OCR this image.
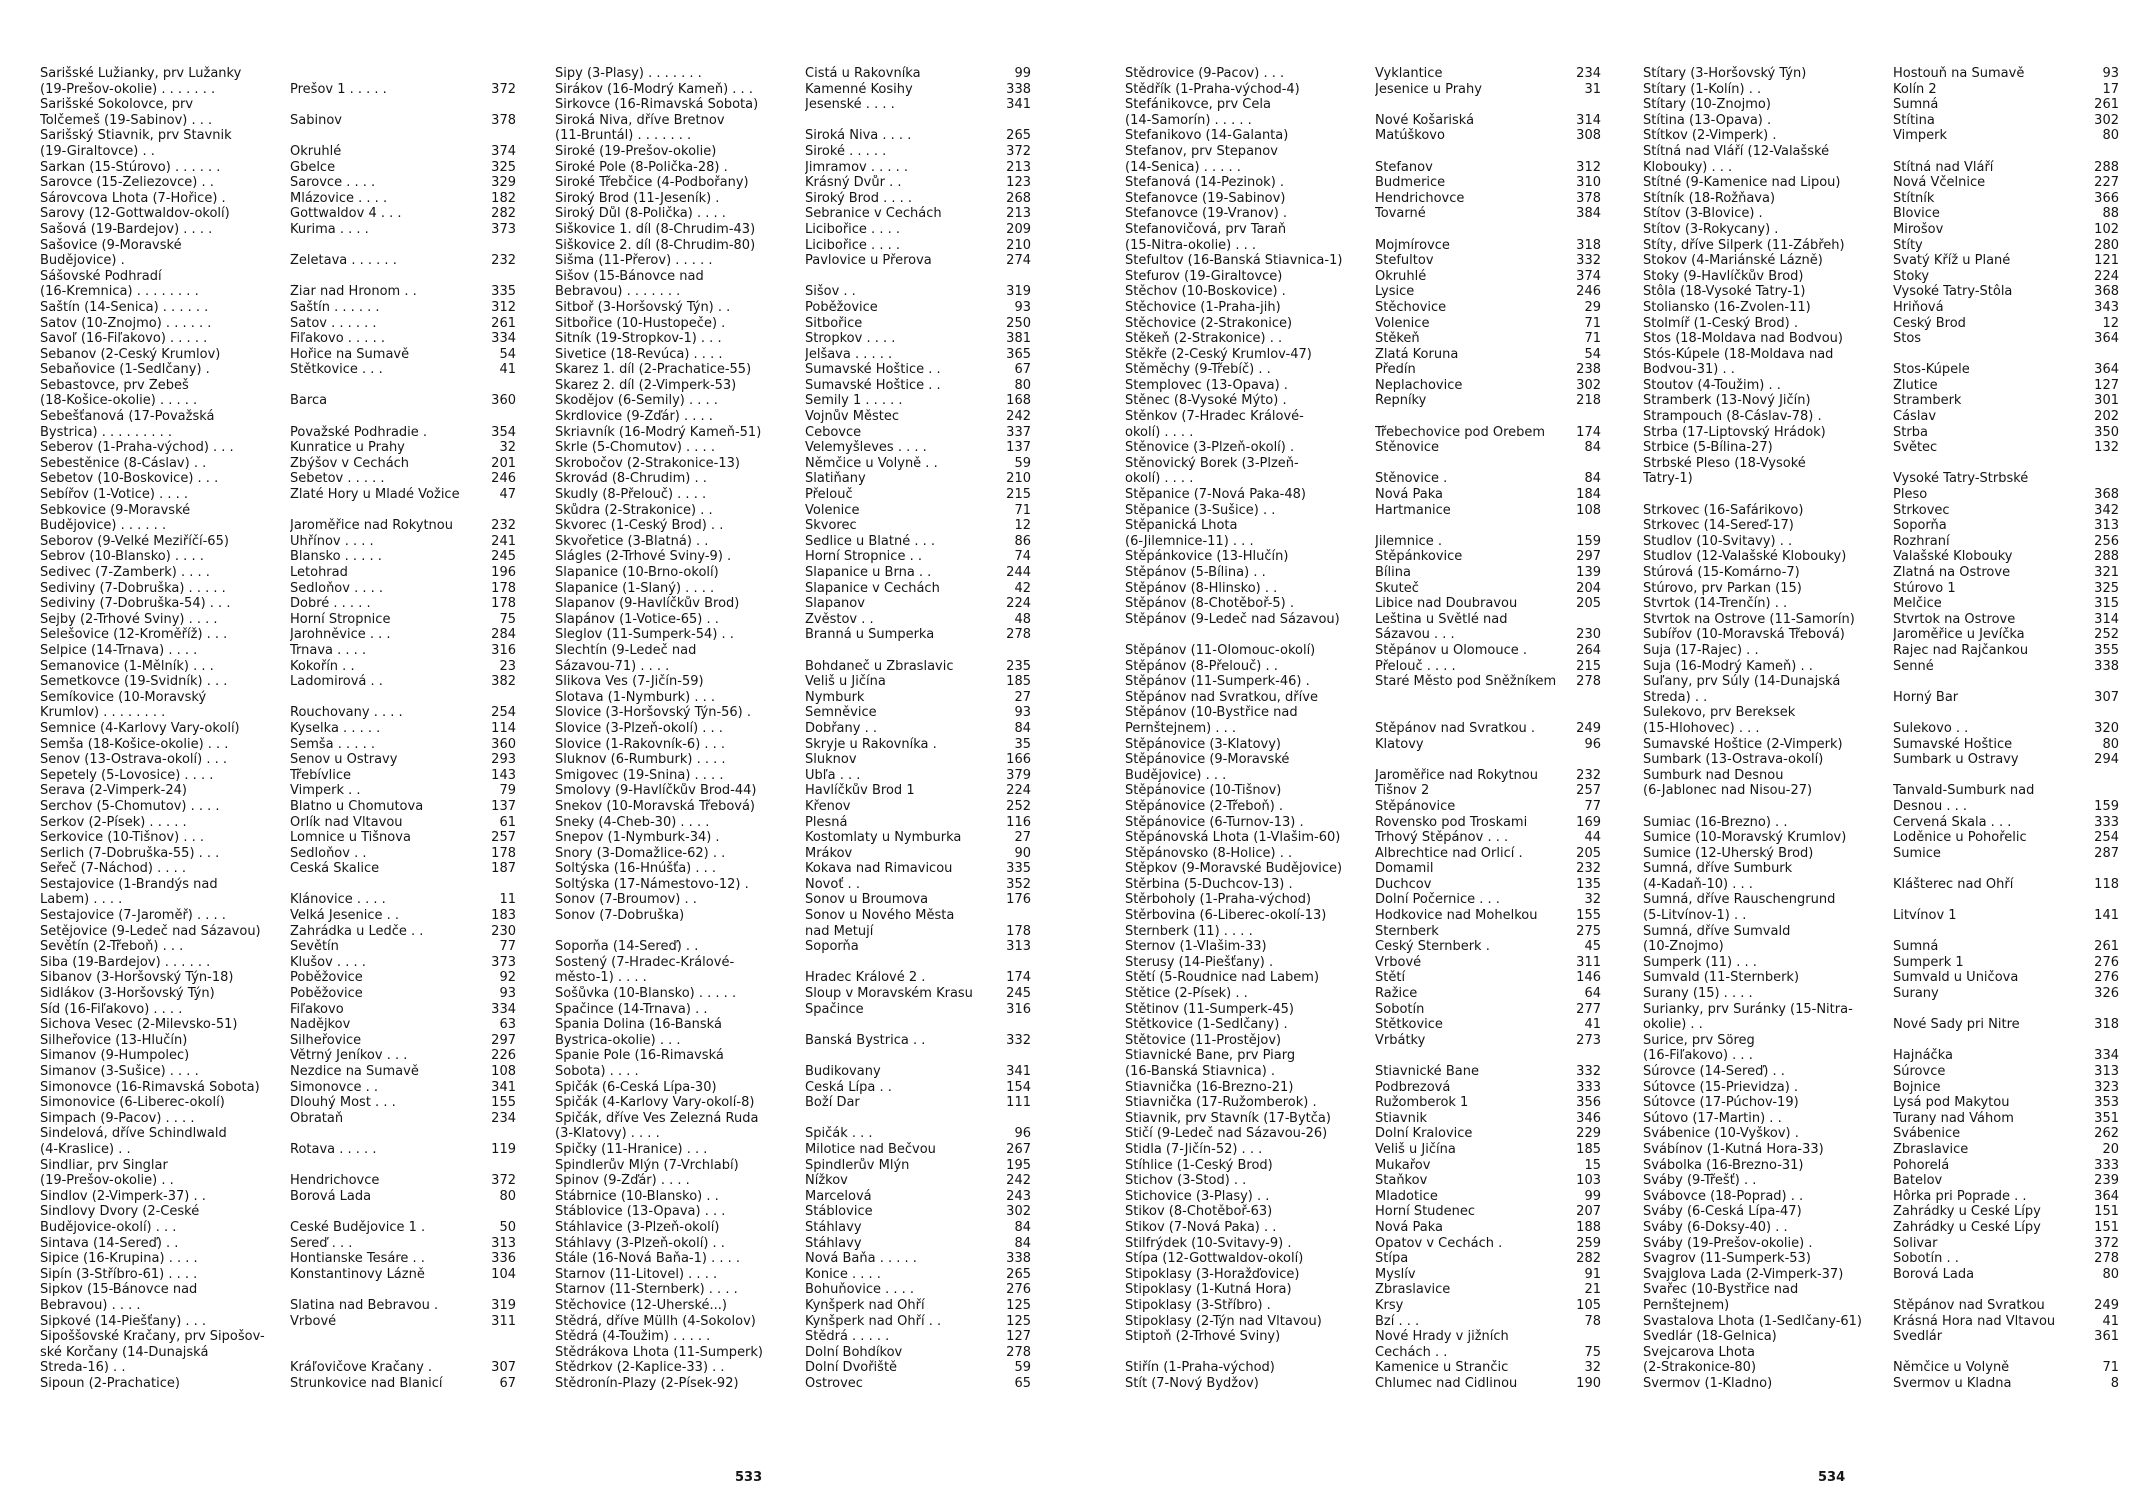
Šarišské Lužianky, prv Lužanky
(19-Prešov-okolie) . . . . . . .	Prešov 1 . . . . .	372
Šarišské Sokolovce, prv
Tolčemeš (19-Sabinov) . . .	Sabinov	378
Šarišský Štiavnik, prv Štavnik
(19-Giraltovce) . .	Okruhlé	374
Šarkan (15-Štúrovo) . . . . . .	Gbelce	325
Šarovce (15-Želiezovce) . .	Šarovce . . . .	329
Šárovcova Lhota (7-Hořice) .	Mlázovice . . . .	182
Šarovy (12-Gottwaldov-okolí)	Gottwaldov 4 . . .	282
Šašová (19-Bardejov) . . . .	Kurima . . . .	373
Šašovice (9-Moravské
Budějovice) .	Želetava . . . . . .	232
Šášovské Podhradí
(16-Kremnica) . . . . . . . .	Žiar nad Hronom . .	335
Šaštín (14-Senica) . . . . . .	Šaštín . . . . . .	312
Šatov (10-Znojmo) . . . . . .	Šatov . . . . . .	261
Šavoľ (16-Fiľakovo) . . . . .	Fiľakovo . . . . .	334
Šebanov (2-Český Krumlov)	Hořice na Šumavě	54
Šebaňovice (1-Sedlčany) .	Štětkovice . . .	41
Šebastovce, prv Žebeš
(18-Košice-okolie) . . . . .	Barca	360
Šebešťanová (17-Považská
Bystrica) . . . . . . . . .	Považské Podhradie .	354
Šeberov (1-Praha-východ) . . .	Kunratice u Prahy	32
Šebestěnice (8-Čáslav) . .	Zbýšov v Čechách	201
Šebetov (10-Boskovice) . . .	Šebetov . . . . .	246
Šebířov (1-Votice) . . . .	Zlaté Hory u Mladé Vožice	47
Šebkovice (9-Moravské
Budějovice) . . . . . .	Jaroměřice nad Rokytnou	232
Šeborov (9-Velké Meziříčí-65)	Uhřínov . . . .	241
Šebrov (10-Blansko) . . . .	Blansko . . . . .	245
Šedivec (7-Žamberk) . . . .	Letohrad	196
Šediviny (7-Dobruška) . . . . .	Sedloňov . . . .	178
Šediviny (7-Dobruška-54) . . .	Dobré . . . . .	178
Šejby (2-Trhové Sviny) . . . .	Horní Stropnice	75
Šelešovice (12-Kroměříž) . . .	Jarohněvice . . .	284
Šelpice (14-Trnava) . . . .	Trnava . . . .	316
Šemanovice (1-Mělník) . . .	Kokořín . .	23
Šemetkovce (19-Svidník) . . .	Ladomirová . .	382
Šemíkovice (10-Moravský
Krumlov) . . . . . . . .	Rouchovany . . . .	254
Šemnice (4-Karlovy Vary-okolí)	Kyselka . . . . .	114
Šemša (18-Košice-okolie) . . .	Šemša . . . . .	360
Šenov (13-Ostrava-okolí) . . .	Šenov u Ostravy	293
Šepetely (5-Lovosice) . . . .	Třebívlice	143
Šerava (2-Vimperk-24)	Vimperk . .	79
Šerchov (5-Chomutov) . . . .	Blatno u Chomutova	137
Šerkov (2-Písek) . . . . .	Orlík nad Vltavou	61
Šerkovice (10-Tišnov) . . .	Lomnice u Tišnova	257
Šerlich (7-Dobruška-55) . . .	Sedloňov . .	178
Šeřeč (7-Náchod) . . . .	Česká Skalice	187
Šestajovice (1-Brandýs nad
Labem) . . . .	Klánovice . . . .	11
Šestajovice (7-Jaroměř) . . . .	Velká Jesenice . .	183
Šetějovice (9-Ledeč nad Sázavou) Zahrádka u Ledče . .	230
Ševětín (2-Třeboň) . . .	Ševětín	77
Šiba (19-Bardejov) . . . . . .	Klušov . . . .	373
Šibanov (3-Horšovský Týn-18)	Poběžovice	92
Šidlákov (3-Horšovský Týn)	Poběžovice	93
Šíd (16-Fiľakovo) . . . .	Fiľakovo	334
Šichova Vesec (2-Milevsko-51)	Nadějkov	63
Šilheřovice (13-Hlučín)	Šilheřovice	297
Šimanov (9-Humpolec)	Větrný Jeníkov . . .	226
Šimanov (3-Sušice) . . . .	Nezdice na Šumavě	108
Šimonovce (16-Rimavská Sobota) Šimonovce . .	341
Šimonovice (6-Liberec-okolí)	Dlouhý Most . . .	155
Šimpach (9-Pacov) . . . .	Obrataň	234
Šindelová, dříve Schindlwald
(4-Kraslice) . .	Rotava . . . . .	119
Šindliar, prv Šinglar
(19-Prešov-okolie) . .	Hendrichovce	372
Šindlov (2-Vimperk-37) . .	Borová Lada	80
Šindlovy Dvory (2-České
Budějovice-okolí) . . .	České Budějovice 1 .	50
Šintava (14-Sereď) . .	Sereď . . .	313
Šipice (16-Krupina) . . . .	Hontianske Tesáre . .	336
Šipín (3-Stříbro-61) . . . .	Konstantinovy Lázně	104
Šipkov (15-Bánovce nad
Bebravou) . . . .	Slatina nad Bebravou .	319
Šipkové (14-Piešťany) . . .	Vrbové	311
Šipoššovské Kračany, prv Šipošov-
ské Korčany (14-Dunajská
Streda-16) . .	Kráľovičove Kračany .	307
Šipoun (2-Prachatice)	Strunkovice nad Blanicí	67
Šipy (3-Plasy) . . . . . . .	Čistá u Rakovníka	99
Širákov (16-Modrý Kameň) . . .	Kamenné Kosihy	338
Širkovce (16-Rimavská Sobota)	Jesenské . . . .	341
Široká Niva, dříve Bretnov
(11-Bruntál) . . . . . . .	Široká Niva . . . .	265
Široké (19-Prešov-okolie)	Široké . . . . .	372
Široké Pole (8-Polička-28) .	Jimramov . . . . .	213
Široké Třebčice (4-Podbořany)	Krásný Dvůr . .	123
Široký Brod (11-Jeseník) .	Široký Brod . . . .	268
Široký Důl (8-Polička) . . . .	Sebranice v Čechách	213
Šiškovice 1. díl (8-Chrudim-43)	Licibořice . . . .	209
Šiškovice 2. díl (8-Chrudim-80)	Licibořice . . . .	210
Šišma (11-Přerov) . . . . .	Pavlovice u Přerova	274
Šišov (15-Bánovce nad
Bebravou) . . . . . . .	Šišov . .	319
Šitboř (3-Horšovský Týn) . .	Poběžovice	93
Šitbořice (10-Hustopeče) .	Šitbořice	250
Šitník (19-Stropkov-1) . . .	Stropkov . . . .	381
Šivetice (18-Revúca) . . . .	Jelšava . . . . .	365
Škarez 1. díl (2-Prachatice-55)	Šumavské Hoštice . .	67
Škarez 2. díl (2-Vimperk-53)	Šumavské Hoštice . .	80
Škodějov (6-Semily) . . . .	Semily 1 . . . . .	168
Škrdlovice (9-Žďár) . . . .	Vojnův Městec	242
Škriavník (16-Modrý Kameň-51)	Čebovce	337
Škrle (5-Chomutov) . . . .	Velemyšleves . . . .	137
Škrobočov (2-Strakonice-13)	Němčice u Volyně . .	59
Škrovád (8-Chrudim) . .	Slatiňany	210
Škudly (8-Přelouč) . . . .	Přelouč	215
Škůdra (2-Strakonice) . .	Volenice	71
Škvorec (1-Český Brod) . .	Škvorec	12
Škvořetice (3-Blatná) . .	Sedlice u Blatné . . .	86
Šlágles (2-Trhové Sviny-9) .	Horní Stropnice . .	74
Šlapanice (10-Brno-okolí)	Šlapanice u Brna . .	244
Šlapanice (1-Slaný) . . . .	Šlapanice v Čechách	42
Šlapanov (9-Havlíčkův Brod)	Šlapanov	224
Šlapánov (1-Votice-65) . .	Zvěstov . .	48
Šleglov (11-Šumperk-54) . .	Branná u Šumperka	278
Šlechtín (9-Ledeč nad
Sázavou-71) . . . .	Bohdaneč u Zbraslavic	235
Šlikova Ves (7-Jičín-59)	Veliš u Jičína	185
Šlotava (1-Nymburk) . . .	Nymburk	27
Šlovice (3-Horšovský Týn-56) .	Semněvice	93
Šlovice (3-Plzeň-okolí) . . .	Dobřany . .	84
Šlovice (1-Rakovník-6) . . .	Skryje u Rakovníka .	35
Šluknov (6-Rumburk) . . . .	Šluknov	166
Šmigovec (19-Snina) . . . .	Ubľa . . .	379
Šmolovy (9-Havlíčkův Brod-44)	Havlíčkův Brod 1	224
Šnekov (10-Moravská Třebová)	Křenov	252
Šneky (4-Cheb-30) . . . .	Plesná	116
Šnepov (1-Nymburk-34) .	Kostomlaty u Nymburka	27
Šnory (3-Domažlice-62) . .	Mrákov	90
Šoltýska (16-Hnúšťa) . . .	Kokava nad Rimavicou	335
Šoltýska (17-Námestovo-12) .	Novoť . .	352
Šonov (7-Broumov) . .	Šonov u Broumova	176
Šonov (7-Dobruška)	Šonov u Nového Města
nad Metují	178
Šoporňa (14-Sereď) . .	Šoporňa	313
Šostený (7-Hradec-Králové-
město-1) . . . .	Hradec Králové 2 .	174
Šošůvka (10-Blansko) . . . . .	Sloup v Moravském Krasu	245
Špačince (14-Trnava) . .	Špačince	316
Španiа Dolina (16-Banská
Bystrica-okolie) . . .	Banská Bystrica . .	332
Španie Pole (16-Rimavská
Sobota) . . . .	Budikovany	341
Špičák (6-Česká Lípa-30)	Česká Lípa . .	154
Špičák (4-Karlovy Vary-okolí-8)	Boží Dar	111
Špičák, dříve Ves Železná Ruda
(3-Klatovy) . . . .	Špičák . . .	96
Špičky (11-Hranice) . . .	Milotice nad Bečvou	267
Špindlerův Mlýn (7-Vrchlabí)	Špindlerův Mlýn	195
Špinov (9-Žďár) . . . .	Nížkov	242
Štábrnice (10-Blansko) . .	Marcelová	243
Štáblovice (13-Opava) . . .	Štáblovice	302
Štáhlavice (3-Plzeň-okolí)	Štáhlavy	84
Štáhlavy (3-Plzeň-okolí) . .	Štáhlavy	84
Štále (16-Nová Baňa-1) . . . .	Nová Baňa . . . . .	338
Štarnov (11-Litovel) . . . .	Konice . . . .	265
Štarnov (11-Šternberk) . . . .	Bohuňovice . . . .	276
Štěchovice (12-Uherské...)	Kynšperk nad Ohří	125
Štědrá, dříve Müllh (4-Sokolov)	Kynšperk nad Ohří . .	125
Štědrá (4-Toužim) . . . . .	Štědrá . . . . .	127
Štědrákova Lhota (11-Šumperk)	Dolní Bohdíkov	278
Štědrkov (2-Kaplice-33) . .	Dolní Dvořiště	59
Štědronín-Plazy (2-Písek-92)	Ostrovec	65
533
Štědrovice (9-Pacov) . . .	Vyklantice	234
Štědřík (1-Praha-východ-4)	Jesenice u Prahy	31
Štefánikovce, prv Čela
(14-Šamorín) . . . . .	Nové Košariská	314
Štefanikovo (14-Galanta)	Matúškovo	308
Štefanov, prv Štepanov
(14-Senica) . . . . .	Štefanov	312
Štefanová (14-Pezinok) .	Budmerice	310
Štefanovce (19-Sabinov)	Hendrichovce	378
Štefanovce (19-Vranov) .	Tovarné	384
Štefanovičová, prv Taraň
(15-Nitra-okolie) . . .	Mojmírovce	318
Štefultov (16-Banská Štiavnica-1)	Štefultov	332
Štefurov (19-Giraltovce)	Okruhlé	374
Štěchov (10-Boskovice) .	Lysice	246
Štěchovice (1-Praha-jih)	Štěchovice	29
Štěchovice (2-Strakonice)	Volenice	71
Štěkeň (2-Strakonice) . .	Štěkeň	71
Štěkře (2-Český Krumlov-47)	Zlatá Koruna	54
Štěměchy (9-Třebíč) . .	Předín	238
Štemplovec (13-Opava) .	Neplachovice	302
Štěnec (8-Vysoké Mýto) .	Řepníky	218
Štěnkov (7-Hradec Králové-
okolí) . . . .	Třebechovice pod Orebem 174
Štěnovice (3-Plzeň-okolí) .	Štěnovice	84
Štěnovický Borek (3-Plzeň-
okolí) . . . .	Štěnovice .	84
Štěpanice (7-Nová Paka-48)	Nová Paka	184
Štěpanice (3-Sušice) . .	Hartmanice	108
Štěpanická Lhota
(6-Jilemnice-11) . . .	Jilemnice .	159
Štěpánkovice (13-Hlučín)	Štěpánkovice	297
Štěpánov (5-Bílina) . .	Bílina	139
Štěpánov (8-Hlinsko) . .	Skuteč	204
Štěpánov (8-Chotěboř-5) .	Libice nad Doubravou	205
Štěpánov (9-Ledeč nad Sázavou)	Leština u Světlé nad
Sázavou . . .	230
Štěpánov (11-Olomouc-okolí)	Štěpánov u Olomouce .	264
Štěpánov (8-Přelouč) . .	Přelouč . . . .	215
Štěpánov (11-Šumperk-46) .	Staré Město pod Sněžníkem 278
Štěpánov nad Svratkou, dříve
Štěpánov (10-Bystřice nad
Pernštejnem) . . .	Štěpánov nad Svratkou .	249
Štěpánovice (3-Klatovy)	Klatovy	96
Štěpánovice (9-Moravské
Budějovice) . . .	Jaroměřice nad Rokytnou	232
Štěpánovice (10-Tišnov)	Tišnov 2	257
Štěpánovice (2-Třeboň) .	Štěpánovice	77
Štěpánovice (6-Turnov-13) .	Rovensko pod Troskami	169
Štěpánovská Lhota (1-Vlašim-60)	Trhový Štěpánov . . .	44
Štěpánovsko (8-Holice) . .	Albrechtice nad Orlicí .	205
Štěpkov (9-Moravské Budějovice)	Domamil	232
Štěrbina (5-Duchcov-13) .	Duchcov	135
Štěrboholy (1-Praha-východ)	Dolní Počernice . . .	32
Štěrbovina (6-Liberec-okolí-13)	Hodkovice nad Mohelkou	155
Šternberk (11) . . . .	Šternberk	275
Šternov (1-Vlašim-33)	Český Šternberk .	45
Šterusy (14-Piešťany) .	Vrbové	311
Štětí (5-Roudnice nad Labem)	Štětí	146
Štětice (2-Písek) . .	Ražice	64
Štětinov (11-Šumperk-45)	Sobotín	277
Štětkovice (1-Sedlčany) .	Štětkovice	41
Štětovice (11-Prostějov)	Vrbátky	273
Štiavnické Bane, prv Piarg
(16-Banská Štiavnica) .	Štiavnické Bane	332
Štiavnička (16-Brezno-21)	Podbrezová	333
Štiavnička (17-Ružomberok) .	Ružomberok 1	356
Štiavnik, prv Štavník (17-Bytča)	Štiavnik	346
Štičí (9-Ledeč nad Sázavou-26)	Dolní Kralovice	229
Štidla (7-Jičín-52) . . .	Veliš u Jičína	185
Štíhlice (1-Český Brod)	Mukařov	15
Štichov (3-Stod) . .	Staňkov	103
Štichovice (3-Plasy) . .	Mladotice	99
Štikov (8-Chotěboř-63)	Horní Studenec	207
Štikov (7-Nová Paka) . .	Nová Paka	188
Štilfrýdek (10-Svitavy-9) .	Opatov v Čechách .	259
Štípa (12-Gottwaldov-okolí)	Štípa	282
Štipoklasy (3-Horažďovice)	Myslív	91
Štipoklasy (1-Kutná Hora)	Zbraslavice	21
Štipoklasy (3-Stříbro) .	Krsy	105
Štipoklasy (2-Týn nad Vltavou)	Bzí . . .	78
Štiptoň (2-Trhové Sviny)	Nové Hrady v jižních
Čechách . .	75
Štiřín (1-Praha-východ)	Kamenice u Strančic	32
Štít (7-Nový Bydžov)	Chlumec nad Cidlinou	190
Štítary (3-Horšovský Týn)	Hostouň na Šumavě	93
Štítary (1-Kolín) . .	Kolín 2	17
Štítary (10-Znojmo)	Šumná	261
Štítina (13-Opava) .	Štítina	302
Štítkov (2-Vimperk) .	Vimperk	80
Štítná nad Vláří (12-Valašské
Klobouky) . . .	Štítná nad Vláří	288
Štítné (9-Kamenice nad Lipou)	Nová Včelnice	227
Štítník (18-Rožňava)	Štítník	366
Štítov (3-Blovice) .	Blovice	88
Štítov (3-Rokycany) .	Mirošov	102
Štíty, dříve Šilperk (11-Zábřeh)	Štíty	280
Štokov (4-Mariánské Lázně)	Svatý Kříž u Plané	121
Štoky (9-Havlíčkův Brod)	Štoky	224
Štôla (18-Vysoké Tatry-1)	Vysoké Tatry-Štôla	368
Štoliansko (16-Zvolen-11)	Hriňová	343
Štolmíř (1-Český Brod) .	Český Brod	12
Štos (18-Moldava nad Bodvou)	Štos	364
Štós-Kúpele (18-Moldava nad
Bodvou-31) . .	Štos-Kúpele	364
Štoutov (4-Toužim) . .	Žlutice	127
Štramberk (13-Nový Jičín)	Štramberk	301
Štrampouch (8-Čáslav-78) .	Čáslav	202
Štrba (17-Liptovský Hrádok)	Štrba	350
Štrbice (5-Bílina-27)	Světec	132
Štrbské Pleso (18-Vysoké
Tatry-1)	Vysoké Tatry-Štrbské
Pleso	368
Štrkovec (16-Šafárikovo)	Štrkovec	342
Štrkovec (14-Sereď-17)	Šoporňa	313
Študlov (10-Svitavy) . .	Rozhraní	256
Študlov (12-Valašské Klobouky)	Valašské Klobouky	288
Štúrová (15-Komárno-7)	Zlatná na Ostrove	321
Štúrovo, prv Parkan (15)	Štúrovo 1	325
Štvrtok (14-Trenčín) . .	Melčice	315
Štvrtok na Ostrove (11-Šamorín)	Štvrtok na Ostrove	314
Šubířov (10-Moravská Třebová)	Jaroměřice u Jevíčka	252
Šuja (17-Rajec) . .	Rajec nad Rajčankou	355
Šuja (16-Modrý Kameň) . .	Senné	338
Šuľany, prv Súly (14-Dunajská
Streda) . .	Horný Bar	307
Šulekovo, prv Bereksek
(15-Hlohovec) . . .	Šulekovo . .	320
Šumavské Hoštice (2-Vimperk)	Šumavské Hoštice	80
Šumbark (13-Ostrava-okolí)	Šumbark u Ostravy	294
Šumburk nad Desnou
(6-Jablonec nad Nisou-27)	Tanvald-Šumburk nad
Desnou . . .	159
Šumiac (16-Brezno) . .	Červená Skala . . .	333
Šumice (10-Moravský Krumlov)	Loděnice u Pohořelic	254
Šumice (12-Uherský Brod)	Šumice	287
Šumná, dříve Šumburk
(4-Kadaň-10) . . .	Klášterec nad Ohří	118
Šumná, dříve Rauschengrund
(5-Litvínov-1) . .	Litvínov 1	141
Šumná, dříve Šumvald
(10-Znojmo)	Šumná	261
Šumperk (11) . . .	Šumperk 1	276
Šumvald (11-Šternberk)	Šumvald u Uničova	276
Šurany (15) . . . .	Šurany	326
Šurianky, prv Šuránky (15-Nitra-
okolie) . .	Nové Sady pri Nitre	318
Šurice, prv Söreg
(16-Fiľakovo) . . .	Hajnáčka	334
Šúrovce (14-Sereď) . .	Šúrovce	313
Šútovce (15-Prievidza) .	Bojnice	323
Šútovce (17-Púchov-19)	Lysá pod Makytou	353
Šútovo (17-Martin) . .	Turany nad Váhom	351
Švábenice (10-Vyškov) .	Švábenice	262
Švábínov (1-Kutná Hora-33)	Zbraslavice	20
Švábolka (16-Brezno-31)	Pohorelá	333
Šváby (9-Třešť) . .	Batelov	239
Švábovce (18-Poprad) . .	Hôrka pri Poprade . .	364
Šváby (6-Česká Lípa-47)	Zahrádky u České Lípy	151
Šváby (6-Doksy-40) . .	Zahrádky u České Lípy	151
Šváby (19-Prešov-okolie) .	Solivar	372
Švagrov (11-Šumperk-53)	Sobotín . .	278
Švajglova Lada (2-Vimperk-37)	Borová Lada	80
Švařec (10-Bystřice nad
Pernštejnem)	Štěpánov nad Svratkou	249
Švastalova Lhota (1-Sedlčany-61) Krásná Hora nad Vltavou	41
Švedlár (18-Gelnica)	Švedlár	361
Švejcarova Lhota
(2-Strakonice-80)	Němčice u Volyně	71
Švermov (1-Kladno)	Švermov u Kladna	8
534
